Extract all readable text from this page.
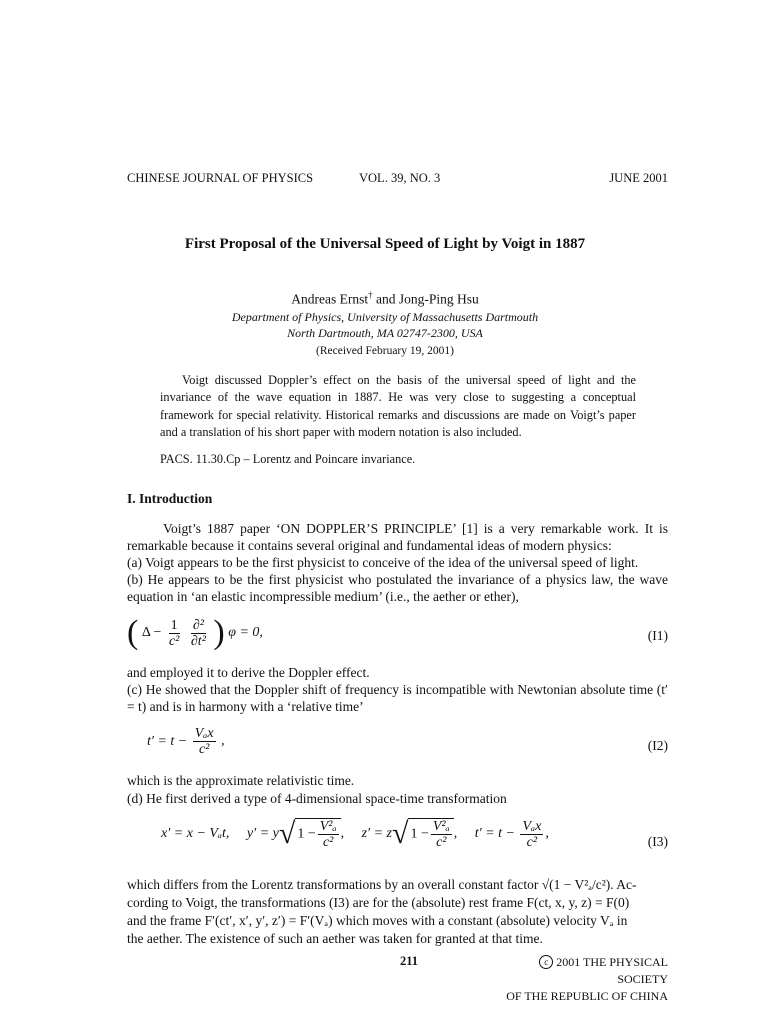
CHINESE JOURNAL OF PHYSICS	VOL. 39, NO. 3	JUNE 2001
First Proposal of the Universal Speed of Light by Voigt in 1887
Andreas Ernst† and Jong-Ping Hsu
Department of Physics, University of Massachusetts Dartmouth
North Dartmouth, MA 02747-2300, USA
(Received February 19, 2001)
Voigt discussed Doppler’s effect on the basis of the universal speed of light and the invariance of the wave equation in 1887. He was very close to suggesting a conceptual framework for special relativity. Historical remarks and discussions are made on Voigt’s paper and a translation of his short paper with modern notation is also included.
PACS. 11.30.Cp – Lorentz and Poincare invariance.
I. Introduction
Voigt’s 1887 paper ‘ON DOPPLER’S PRINCIPLE’ [1] is a very remarkable work. It is remarkable because it contains several original and fundamental ideas of modern physics:
(a) Voigt appears to be the first physicist to conceive of the idea of the universal speed of light.
(b) He appears to be the first physicist who postulated the invariance of a physics law, the wave equation in ‘an elastic incompressible medium’ (i.e., the aether or ether),
( $\Delta - \frac{1}{\text{c²}}$
$\frac{\text{∂²}}{\text{∂t²}}$ ) φ = 0,	(I1)
and employed it to derive the Doppler effect.
(c) He showed that the Doppler shift of frequency is incompatible with Newtonian absolute time (t′ = t) and is in harmony with a ‘relative time’
$t' = t - \frac{\text{Vₐx}}{\text{c²}}$ ,	(I2)
which is the approximate relativistic time.
(d) He first derived a type of 4-dimensional space-time transformation
x′ = x − Vₐt, y′ = y √ $1 - \frac{\text{V²ₐ}}{\text{c²}}$ , z′ = z √ $1 - \frac{\text{V²ₐ}}{\text{c²}}$ , $t' = t - \frac{\text{Vₐx}}{\text{c²}}$ ,
(I3)
which differs from the Lorentz transformations by an overall constant factor √(1 − V²ₐ/c²). Ac-
cording to Voigt, the transformations (I3) are for the (absolute) rest frame F(ct, x, y, z) = F(0)
and the frame F′(ct′, x′, y′, z′) = F′(Vₐ) which moves with a constant (absolute) velocity Vₐ in
the aether. The existence of such an aether was taken for granted at that time.
211	c 2001 THE PHYSICAL SOCIETY
OF THE REPUBLIC OF CHINA
